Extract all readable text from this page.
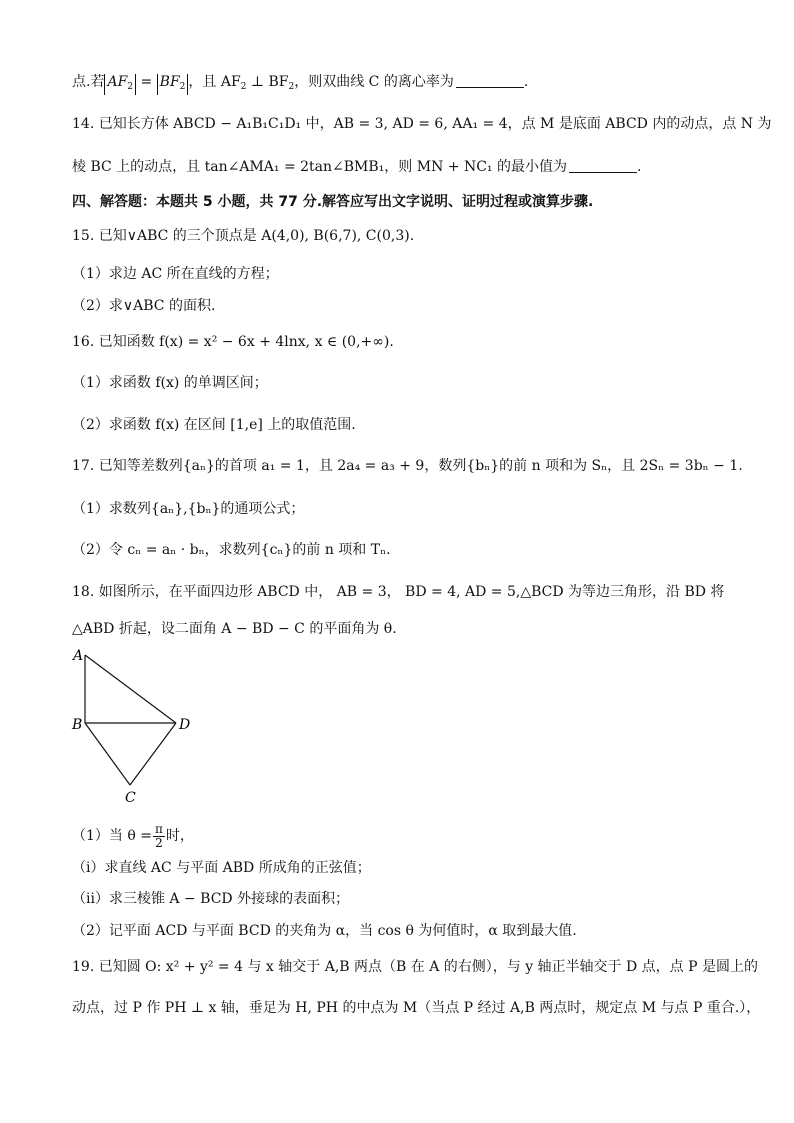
点.若 $AF_2 = BF_2$ ，且 $AF_2$ ⊥ $BF_2$，则双曲线 C 的离心率为	.
14. 已知长方体 ABCD − A₁B₁C₁D₁ 中，AB = 3, AD = 6, AA₁ = 4，点 M 是底面 ABCD 内的动点，点 N 为
棱 BC 上的动点，且 tan∠AMA₁ = 2tan∠BMB₁，则 MN + NC₁ 的最小值为	.
四、解答题：本题共 5 小题，共 77 分.解答应写出文字说明、证明过程或演算步骤.
15. 已知∨ABC 的三个顶点是 A(4,0), B(6,7), C(0,3).
（1）求边 AC 所在直线的方程；
（2）求∨ABC 的面积.
16. 已知函数 f(x) = x² − 6x + 4lnx, x ∈ (0,+∞).
（1）求函数 f(x) 的单调区间；
（2）求函数 f(x) 在区间 [1,e] 上的取值范围.
17. 已知等差数列{aₙ}的首项 a₁ = 1，且 2a₄ = a₃ + 9，数列{bₙ}的前 n 项和为 Sₙ，且 2Sₙ = 3bₙ − 1.
（1）求数列{aₙ},{bₙ}的通项公式；
（2）令 cₙ = aₙ · bₙ，求数列{cₙ}的前 n 项和 Tₙ.
18. 如图所示，在平面四边形 ABCD 中， AB = 3， BD = 4, AD = 5,△BCD 为等边三角形，沿 BD 将
△ABD 折起，设二面角 A − BD − C 的平面角为 θ.
A
B	D
C
（1）当 $\theta = \frac{\pi}{2}$ 时，
（i）求直线 AC 与平面 ABD 所成角的正弦值；
（ii）求三棱锥 A − BCD 外接球的表面积；
（2）记平面 ACD 与平面 BCD 的夹角为 α，当 cos θ 为何值时，α 取到最大值.
19. 已知圆 O: x² + y² = 4 与 x 轴交于 A,B 两点（B 在 A 的右侧），与 y 轴正半轴交于 D 点，点 P 是圆上的
动点，过 P 作 PH ⊥ x 轴，垂足为 H, PH 的中点为 M（当点 P 经过 A,B 两点时，规定点 M 与点 P 重合.），
